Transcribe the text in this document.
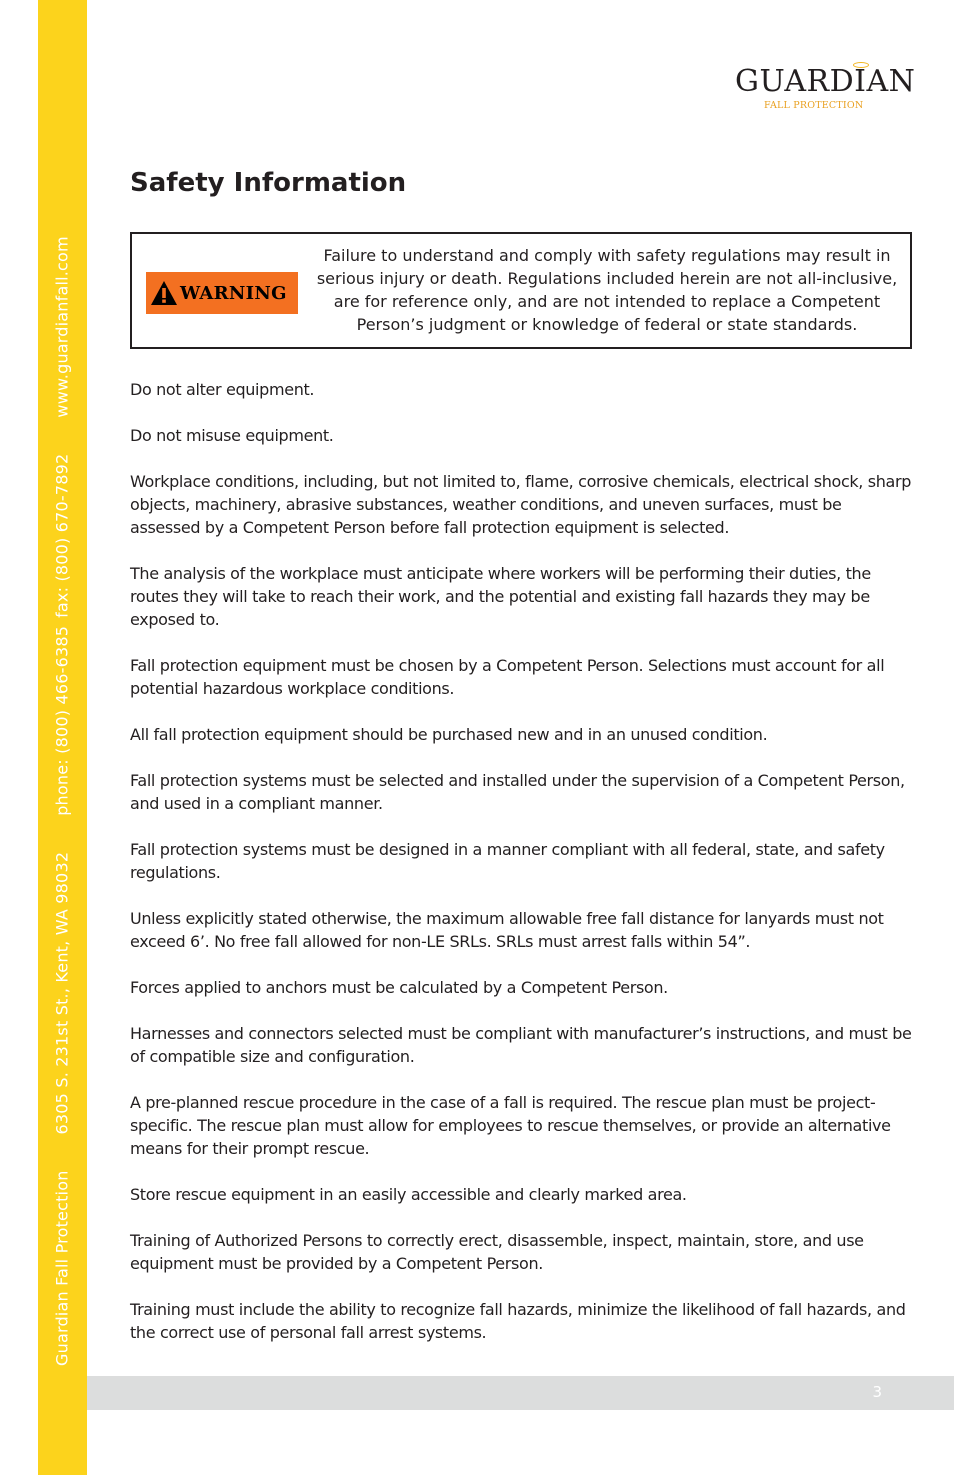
Guardian Fall Protection6305 S. 231st St., Kent, WA 98032phone: (800) 466-6385fax: (800) 670-7892www.guardianfall.com
GUARDIAN
FALL PROTECTION
Safety Information
WARNING

Failure to understand and comply with safety regulations may result in serious injury or death. Regulations included herein are not all-inclusive, are for reference only, and are not intended to replace a Competent Person’s judgment or knowledge of federal or state standards.

Do not alter equipment.

Do not misuse equipment.

Workplace conditions, including, but not limited to, flame, corrosive chemicals, electrical shock, sharp objects, machinery, abrasive substances, weather conditions, and uneven surfaces, must be assessed by a Competent Person before fall protection equipment is selected.

The analysis of the workplace must anticipate where workers will be performing their duties, the routes they will take to reach their work, and the potential and existing fall hazards they may be exposed to.

Fall protection equipment must be chosen by a Competent Person. Selections must account for all potential hazardous workplace conditions.

All fall protection equipment should be purchased new and in an unused condition.

Fall protection systems must be selected and installed under the supervision of a Competent Person, and used in a compliant manner.

Fall protection systems must be designed in a manner compliant with all federal, state, and safety regulations.

Unless explicitly stated otherwise, the maximum allowable free fall distance for lanyards must not exceed 6’. No free fall allowed for non-LE SRLs. SRLs must arrest falls within 54”.

Forces applied to anchors must be calculated by a Competent Person.

Harnesses and connectors selected must be compliant with manufacturer’s instructions, and must be of compatible size and configuration.

A pre-planned rescue procedure in the case of a fall is required. The rescue plan must be project-specific. The rescue plan must allow for employees to rescue themselves, or provide an alternative means for their prompt rescue.

Store rescue equipment in an easily accessible and clearly marked area.

Training of Authorized Persons to correctly erect, disassemble, inspect, maintain, store, and use equipment must be provided by a Competent Person.

Training must include the ability to recognize fall hazards, minimize the likelihood of fall hazards, and the correct use of personal fall arrest systems.

3
